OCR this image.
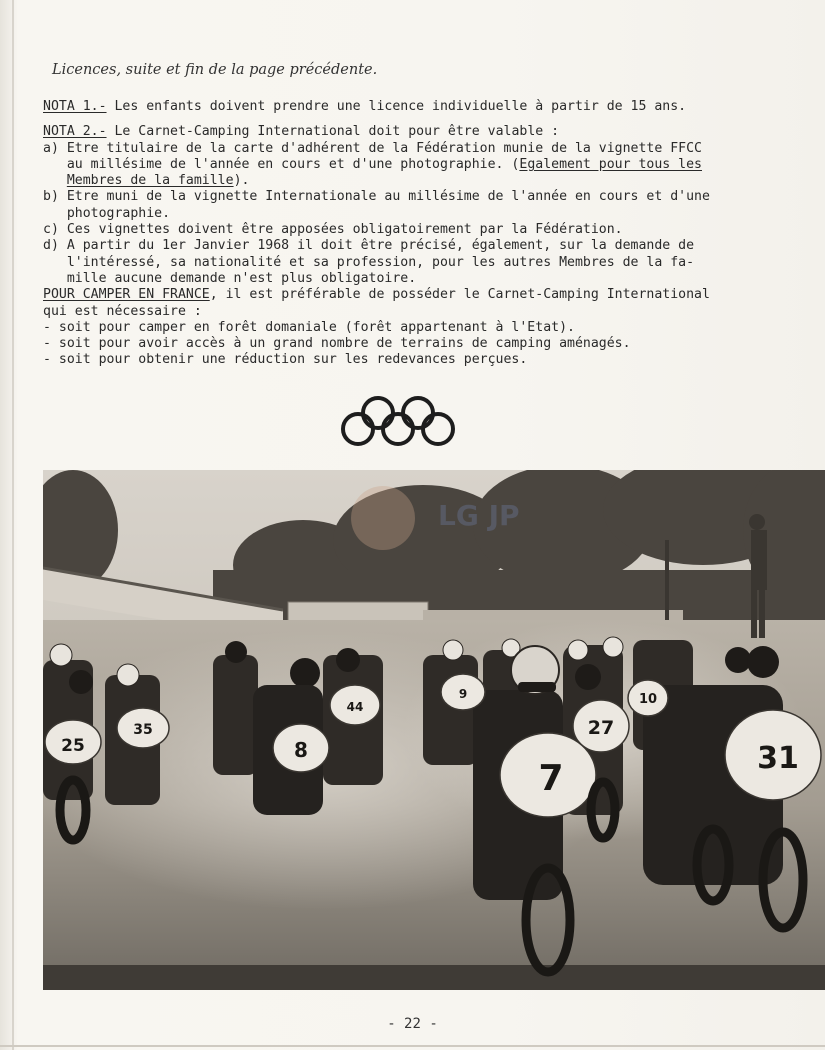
Licences, suite et fin de la page précédente.
NOTA 1.- Les enfants doivent prendre une licence individuelle à partir de 15 ans.
NOTA 2.- Le Carnet-Camping International doit pour être valable :
a) Etre titulaire de la carte d'adhérent de la Fédération munie de la vignette FFCC
au millésime de l'année en cours et d'une photographie. (Egalement pour tous les
Membres de la famille).
b) Etre muni de la vignette Internationale au millésime de l'année en cours et d'une
photographie.
c) Ces vignettes doivent être apposées obligatoirement par la Fédération.
d) A partir du 1er Janvier 1968 il doit être précisé, également, sur la demande de
l'intéressé, sa nationalité et sa profession, pour les autres Membres de la fa-
mille aucune demande n'est plus obligatoire.
POUR CAMPER EN FRANCE, il est préférable de posséder le Carnet-Camping International
qui est nécessaire :
- soit pour camper en forêt domaniale (forêt appartenant à l'Etat).
- soit pour avoir accès à un grand nombre de terrains de camping aménagés.
- soit pour obtenir une réduction sur les redevances perçues.
25
35
8
44
9
7
27
10
31
LG JP
- 22 -
